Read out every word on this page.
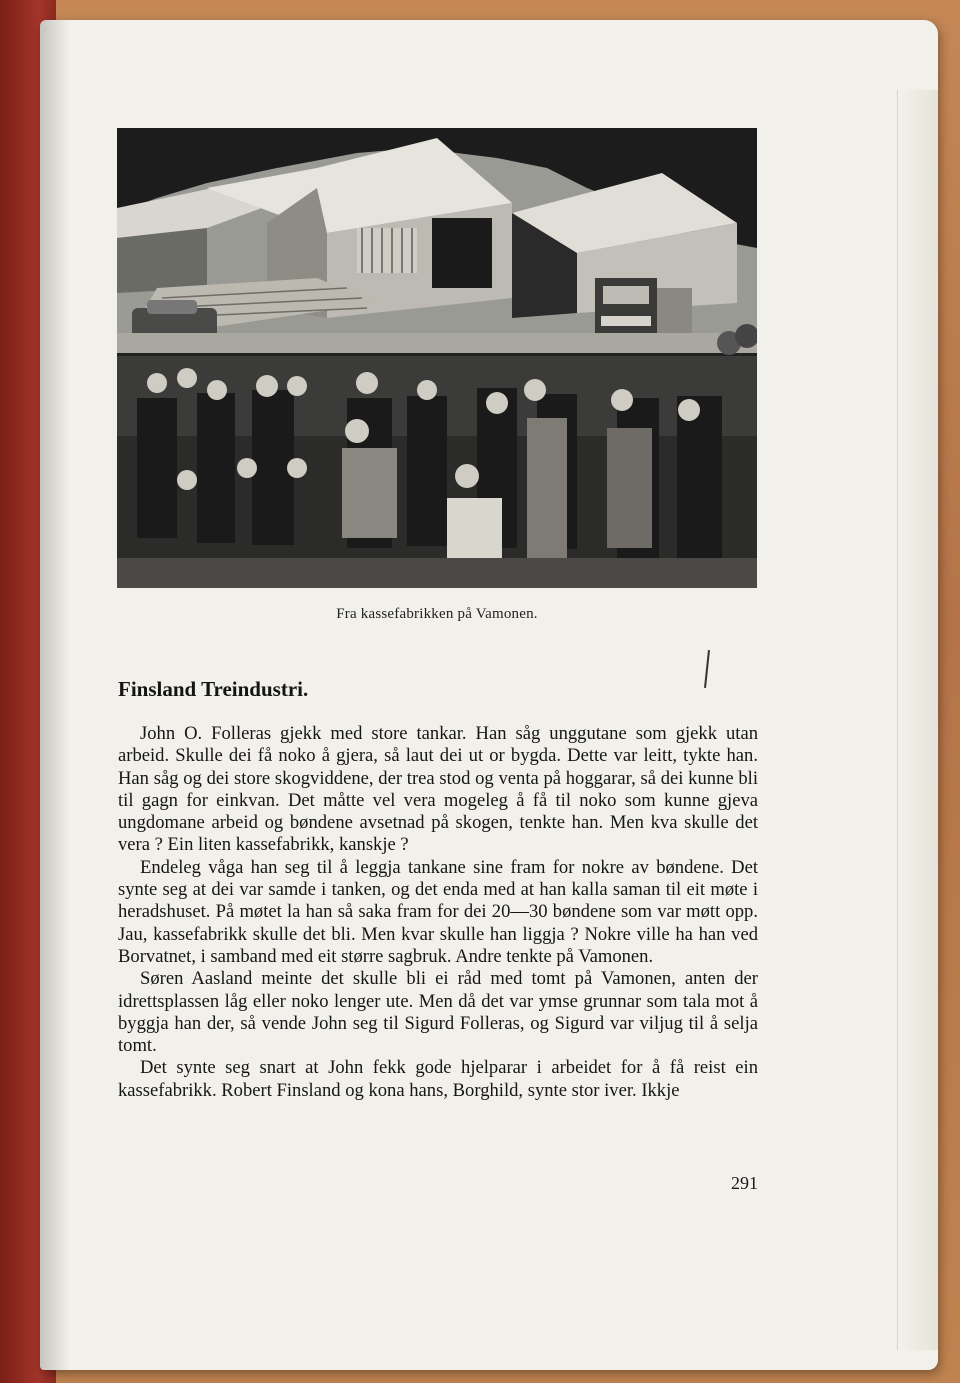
Fra kassefabrikken på Vamonen.
Finsland Treindustri.

John O. Folleras gjekk med store tankar. Han såg unggutane som gjekk utan arbeid. Skulle dei få noko å gjera, så laut dei ut or bygda. Dette var leitt, tykte han. Han såg og dei store skogviddene, der trea stod og venta på hoggarar, så dei kunne bli til gagn for einkvan. Det måtte vel vera mogeleg å få til noko som kunne gjeva ungdomane arbeid og bøndene avsetnad på skogen, tenkte han. Men kva skulle det vera ? Ein liten kassefabrikk, kanskje ?

Endeleg våga han seg til å leggja tankane sine fram for nokre av bøndene. Det synte seg at dei var samde i tanken, og det enda med at han kalla saman til eit møte i heradshuset. På møtet la han så saka fram for dei 20—30 bøndene som var møtt opp. Jau, kassefabrikk skulle det bli. Men kvar skulle han liggja ? Nokre ville ha han ved Borvatnet, i samband med eit større sagbruk. Andre tenkte på Vamonen.

Søren Aasland meinte det skulle bli ei råd med tomt på Vamonen, anten der idrettsplassen låg eller noko lenger ute. Men då det var ymse grunnar som tala mot å byggja han der, så vende John seg til Sigurd Folleras, og Sigurd var viljug til å selja tomt.

Det synte seg snart at John fekk gode hjelparar i arbeidet for å få reist ein kassefabrikk. Robert Finsland og kona hans, Borghild, synte stor iver. Ikkje

291
